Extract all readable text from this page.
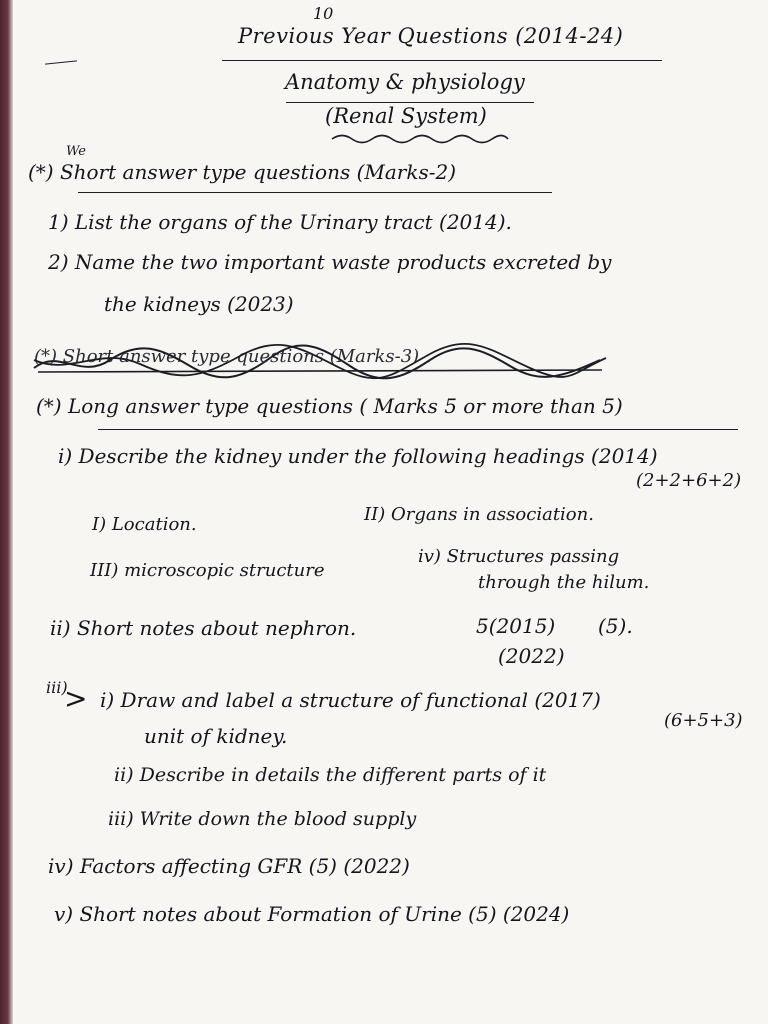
10
Previous Year Questions (2014-24)
Anatomy & physiology
(Renal System)
We
(*) Short answer type questions (Marks-2)
1) List the organs of the Urinary tract (2014).
2) Name the two important waste products excreted by
the kidneys (2023)
(*) Short answer type questions (Marks-3)
(*) Long answer type questions ( Marks 5 or more than 5)
i) Describe the kidney under the following headings (2014)
(2+2+6+2)
I) Location.	II) Organs in association.
III) microscopic structure
iv) Structures passing
through the hilum.
ii) Short notes about nephron.	5(2015) (5).
(2022)
iii)
> i) Draw and label a structure of functional (2017)
unit of kidney.
(6+5+3)
ii) Describe in details the different parts of it
iii) Write down the blood supply
iv) Factors affecting GFR (5) (2022)
v) Short notes about Formation of Urine (5) (2024)
